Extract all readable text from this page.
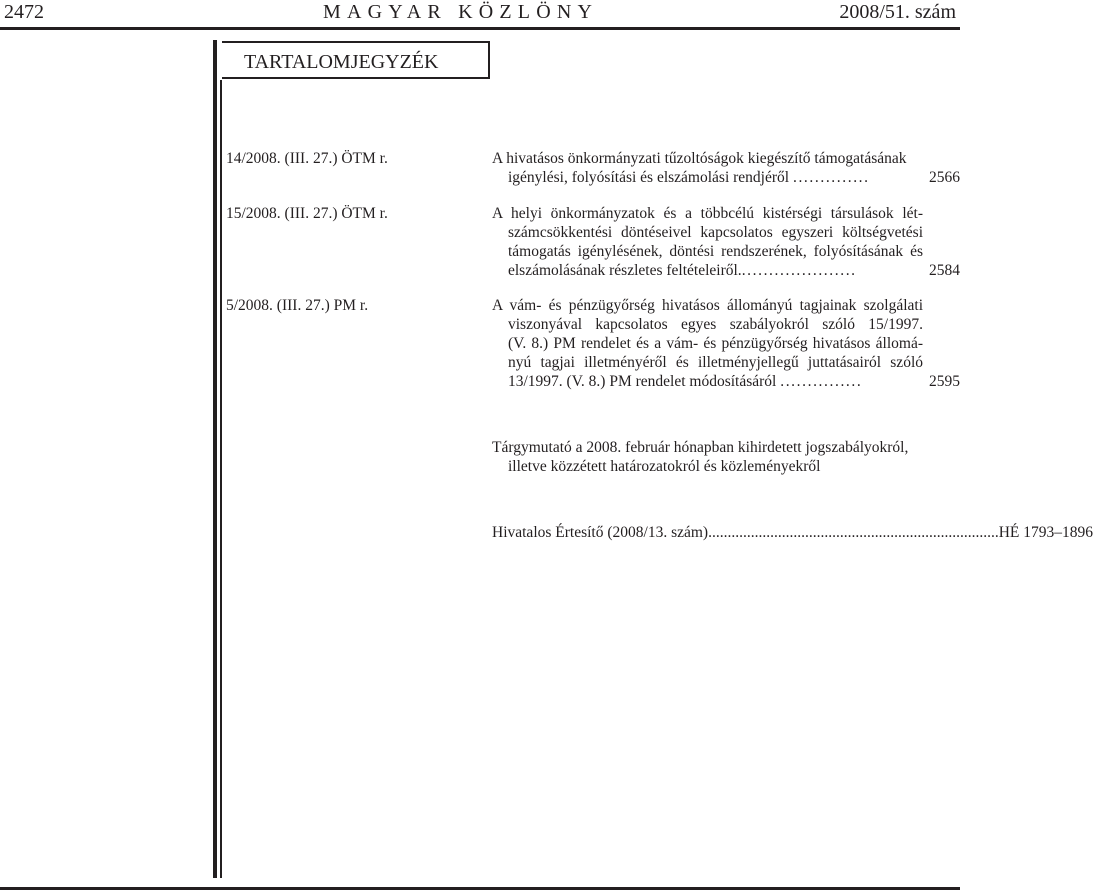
2472	MAGYAR KÖZLÖNY	2008/51. szám
TARTALOMJEGYZÉK
14/2008. (III. 27.) ÖTM r.	A hivatásos önkormányzati tűzoltóságok kiegészítő támogatásának
igénylési, folyósítási és elszámolási rendjéről ..............	2566
15/2008. (III. 27.) ÖTM r.	A helyi önkormányzatok és a többcélú kistérségi társulások lét-
számcsökkentési döntéseivel kapcsolatos egyszeri költségvetési
támogatás igénylésének, döntési rendszerének, folyósításának és
elszámolásának részletes feltételeiről......................	2584
5/2008. (III. 27.) PM r.	A vám- és pénzügyőrség hivatásos állományú tagjainak szolgálati
viszonyával kapcsolatos egyes szabályokról szóló 15/1997.
(V. 8.) PM rendelet és a vám- és pénzügyőrség hivatásos állomá-
nyú tagjai illetményéről és illetményjellegű juttatásairól szóló
13/1997. (V. 8.) PM rendelet módosításáról ...............	2595
Tárgymutató a 2008. február hónapban kihirdetett jogszabályokról,
illetve közzétett határozatokról és közleményekről
Hivatalos Értesítő (2008/13. szám) ........................................................................... HÉ 1793–1896
